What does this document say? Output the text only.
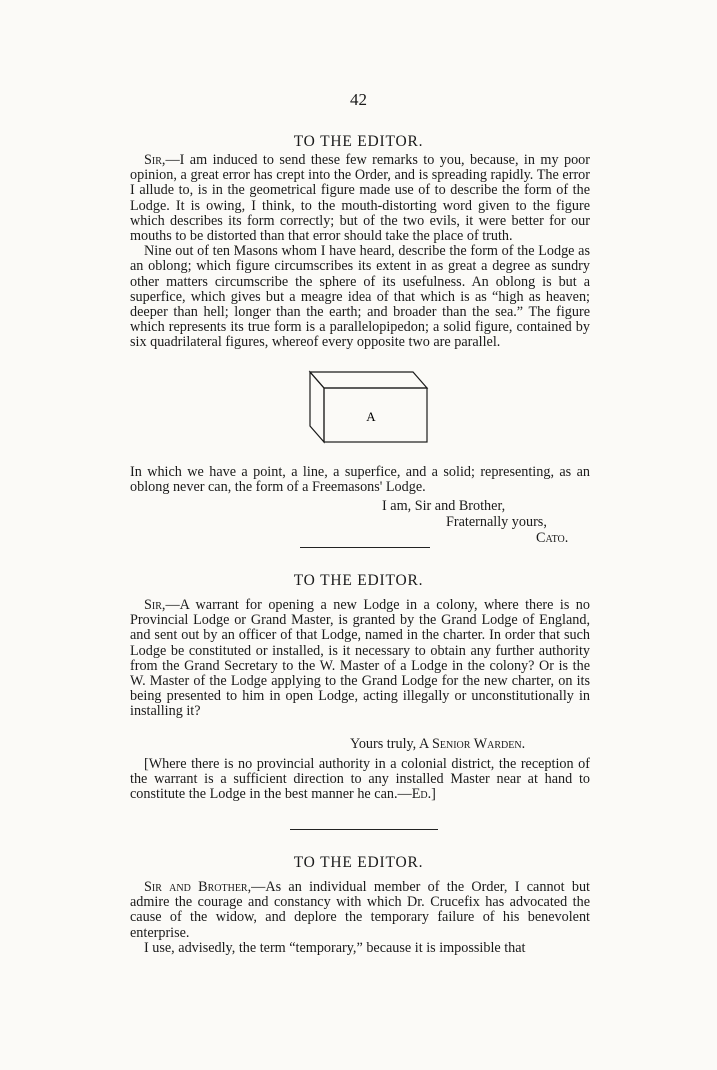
42
TO THE EDITOR.

Sir,—I am induced to send these few remarks to you, because, in my poor opinion, a great error has crept into the Order, and is spreading rapidly. The error I allude to, is in the geometrical figure made use of to describe the form of the Lodge. It is owing, I think, to the mouth-distorting word given to the figure which describes its form correctly; but of the two evils, it were better for our mouths to be distorted than that error should take the place of truth.

Nine out of ten Masons whom I have heard, describe the form of the Lodge as an oblong; which figure circumscribes its extent in as great a degree as sundry other matters circumscribe the sphere of its usefulness. An oblong is but a superfice, which gives but a meagre idea of that which is as “high as heaven; deeper than hell; longer than the earth; and broader than the sea.” The figure which represents its true form is a parallelopipedon; a solid figure, contained by six quadrilateral figures, whereof every opposite two are parallel.

A

In which we have a point, a line, a superfice, and a solid; representing, as an oblong never can, the form of a Freemasons' Lodge.

I am, Sir and Brother,
Fraternally yours,
Cato.
TO THE EDITOR.

Sir,—A warrant for opening a new Lodge in a colony, where there is no Provincial Lodge or Grand Master, is granted by the Grand Lodge of England, and sent out by an officer of that Lodge, named in the charter. In order that such Lodge be constituted or installed, is it necessary to obtain any further authority from the Grand Secretary to the W. Master of a Lodge in the colony? Or is the W. Master of the Lodge applying to the Grand Lodge for the new charter, on its being presented to him in open Lodge, acting illegally or unconstitutionally in installing it?

Yours truly, A Senior Warden.

[Where there is no provincial authority in a colonial district, the reception of the warrant is a sufficient direction to any installed Master near at hand to constitute the Lodge in the best manner he can.—Ed.]

TO THE EDITOR.

Sir and Brother,—As an individual member of the Order, I cannot but admire the courage and constancy with which Dr. Crucefix has advocated the cause of the widow, and deplore the temporary failure of his benevolent enterprise.

I use, advisedly, the term “temporary,” because it is impossible that
